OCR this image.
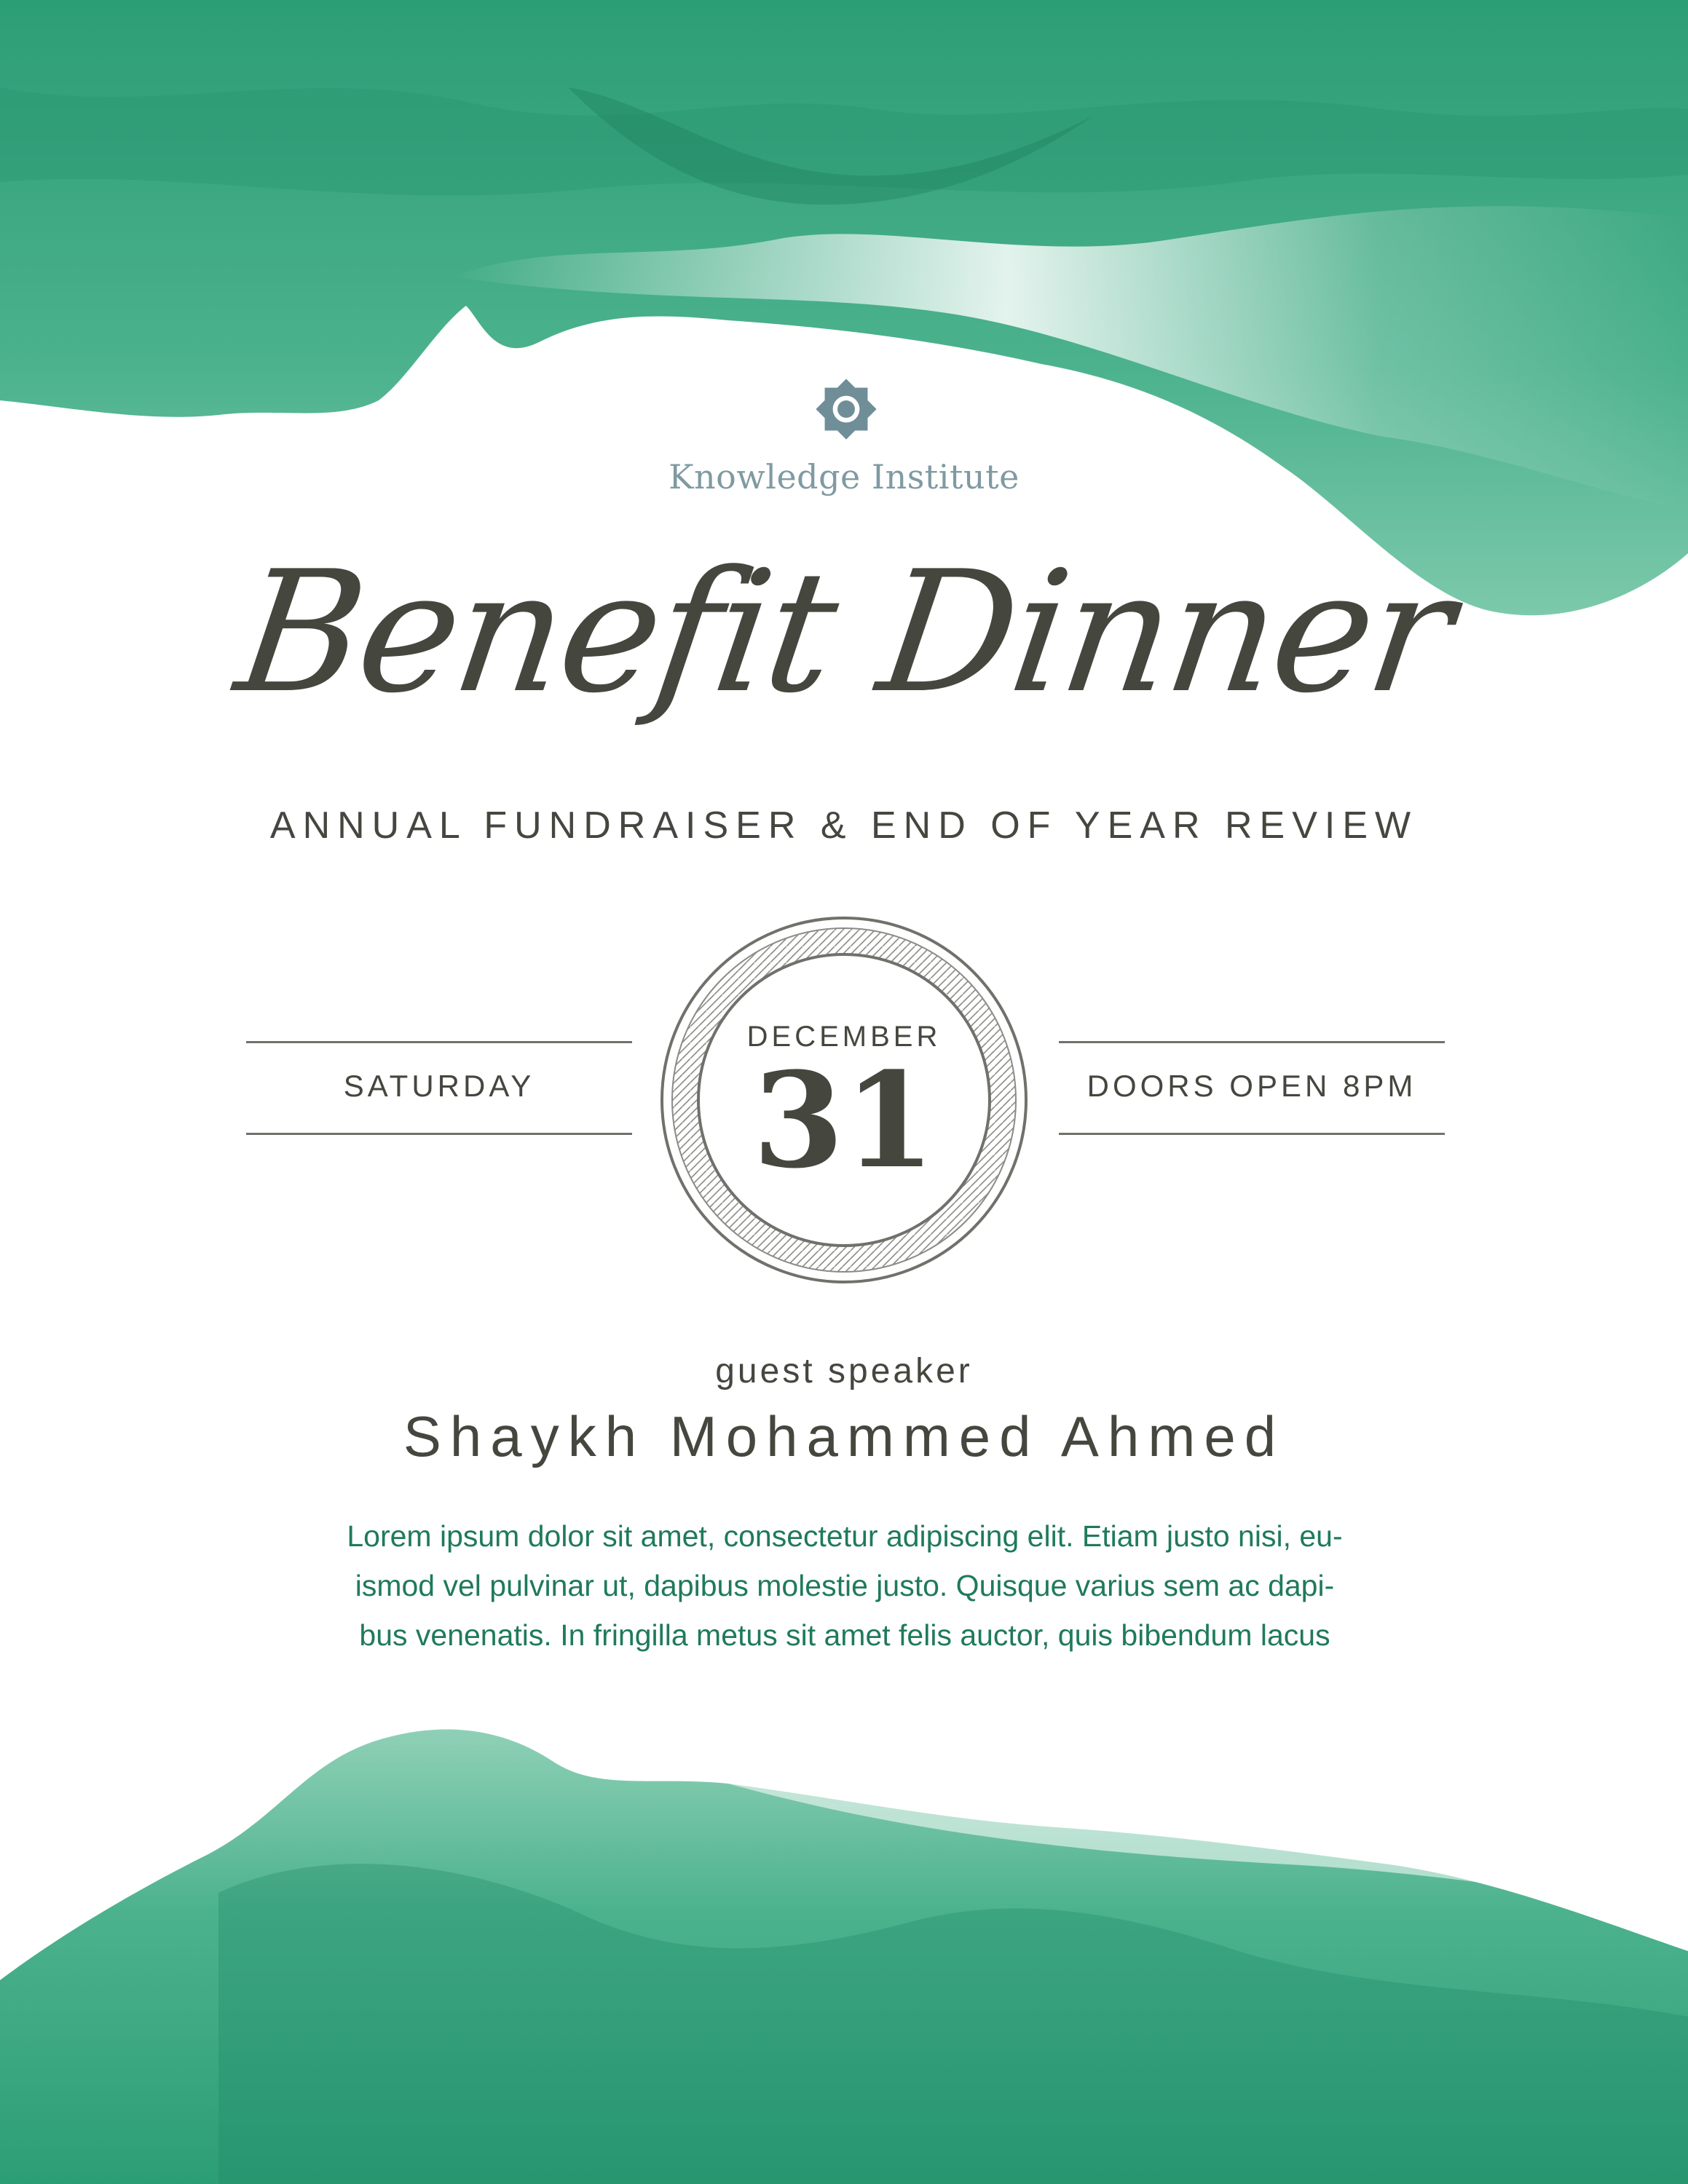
Knowledge Institute
Benefit Dinner
ANNUAL FUNDRAISER & END OF YEAR REVIEW
SATURDAY	DOORS OPEN 8PM
DECEMBER
31
guest speaker
Shaykh Mohammed Ahmed
Lorem ipsum dolor sit amet, consectetur adipiscing elit. Etiam justo nisi, eu-
ismod vel pulvinar ut, dapibus molestie justo. Quisque varius sem ac dapi-
bus venenatis. In fringilla metus sit amet felis auctor, quis bibendum lacus
